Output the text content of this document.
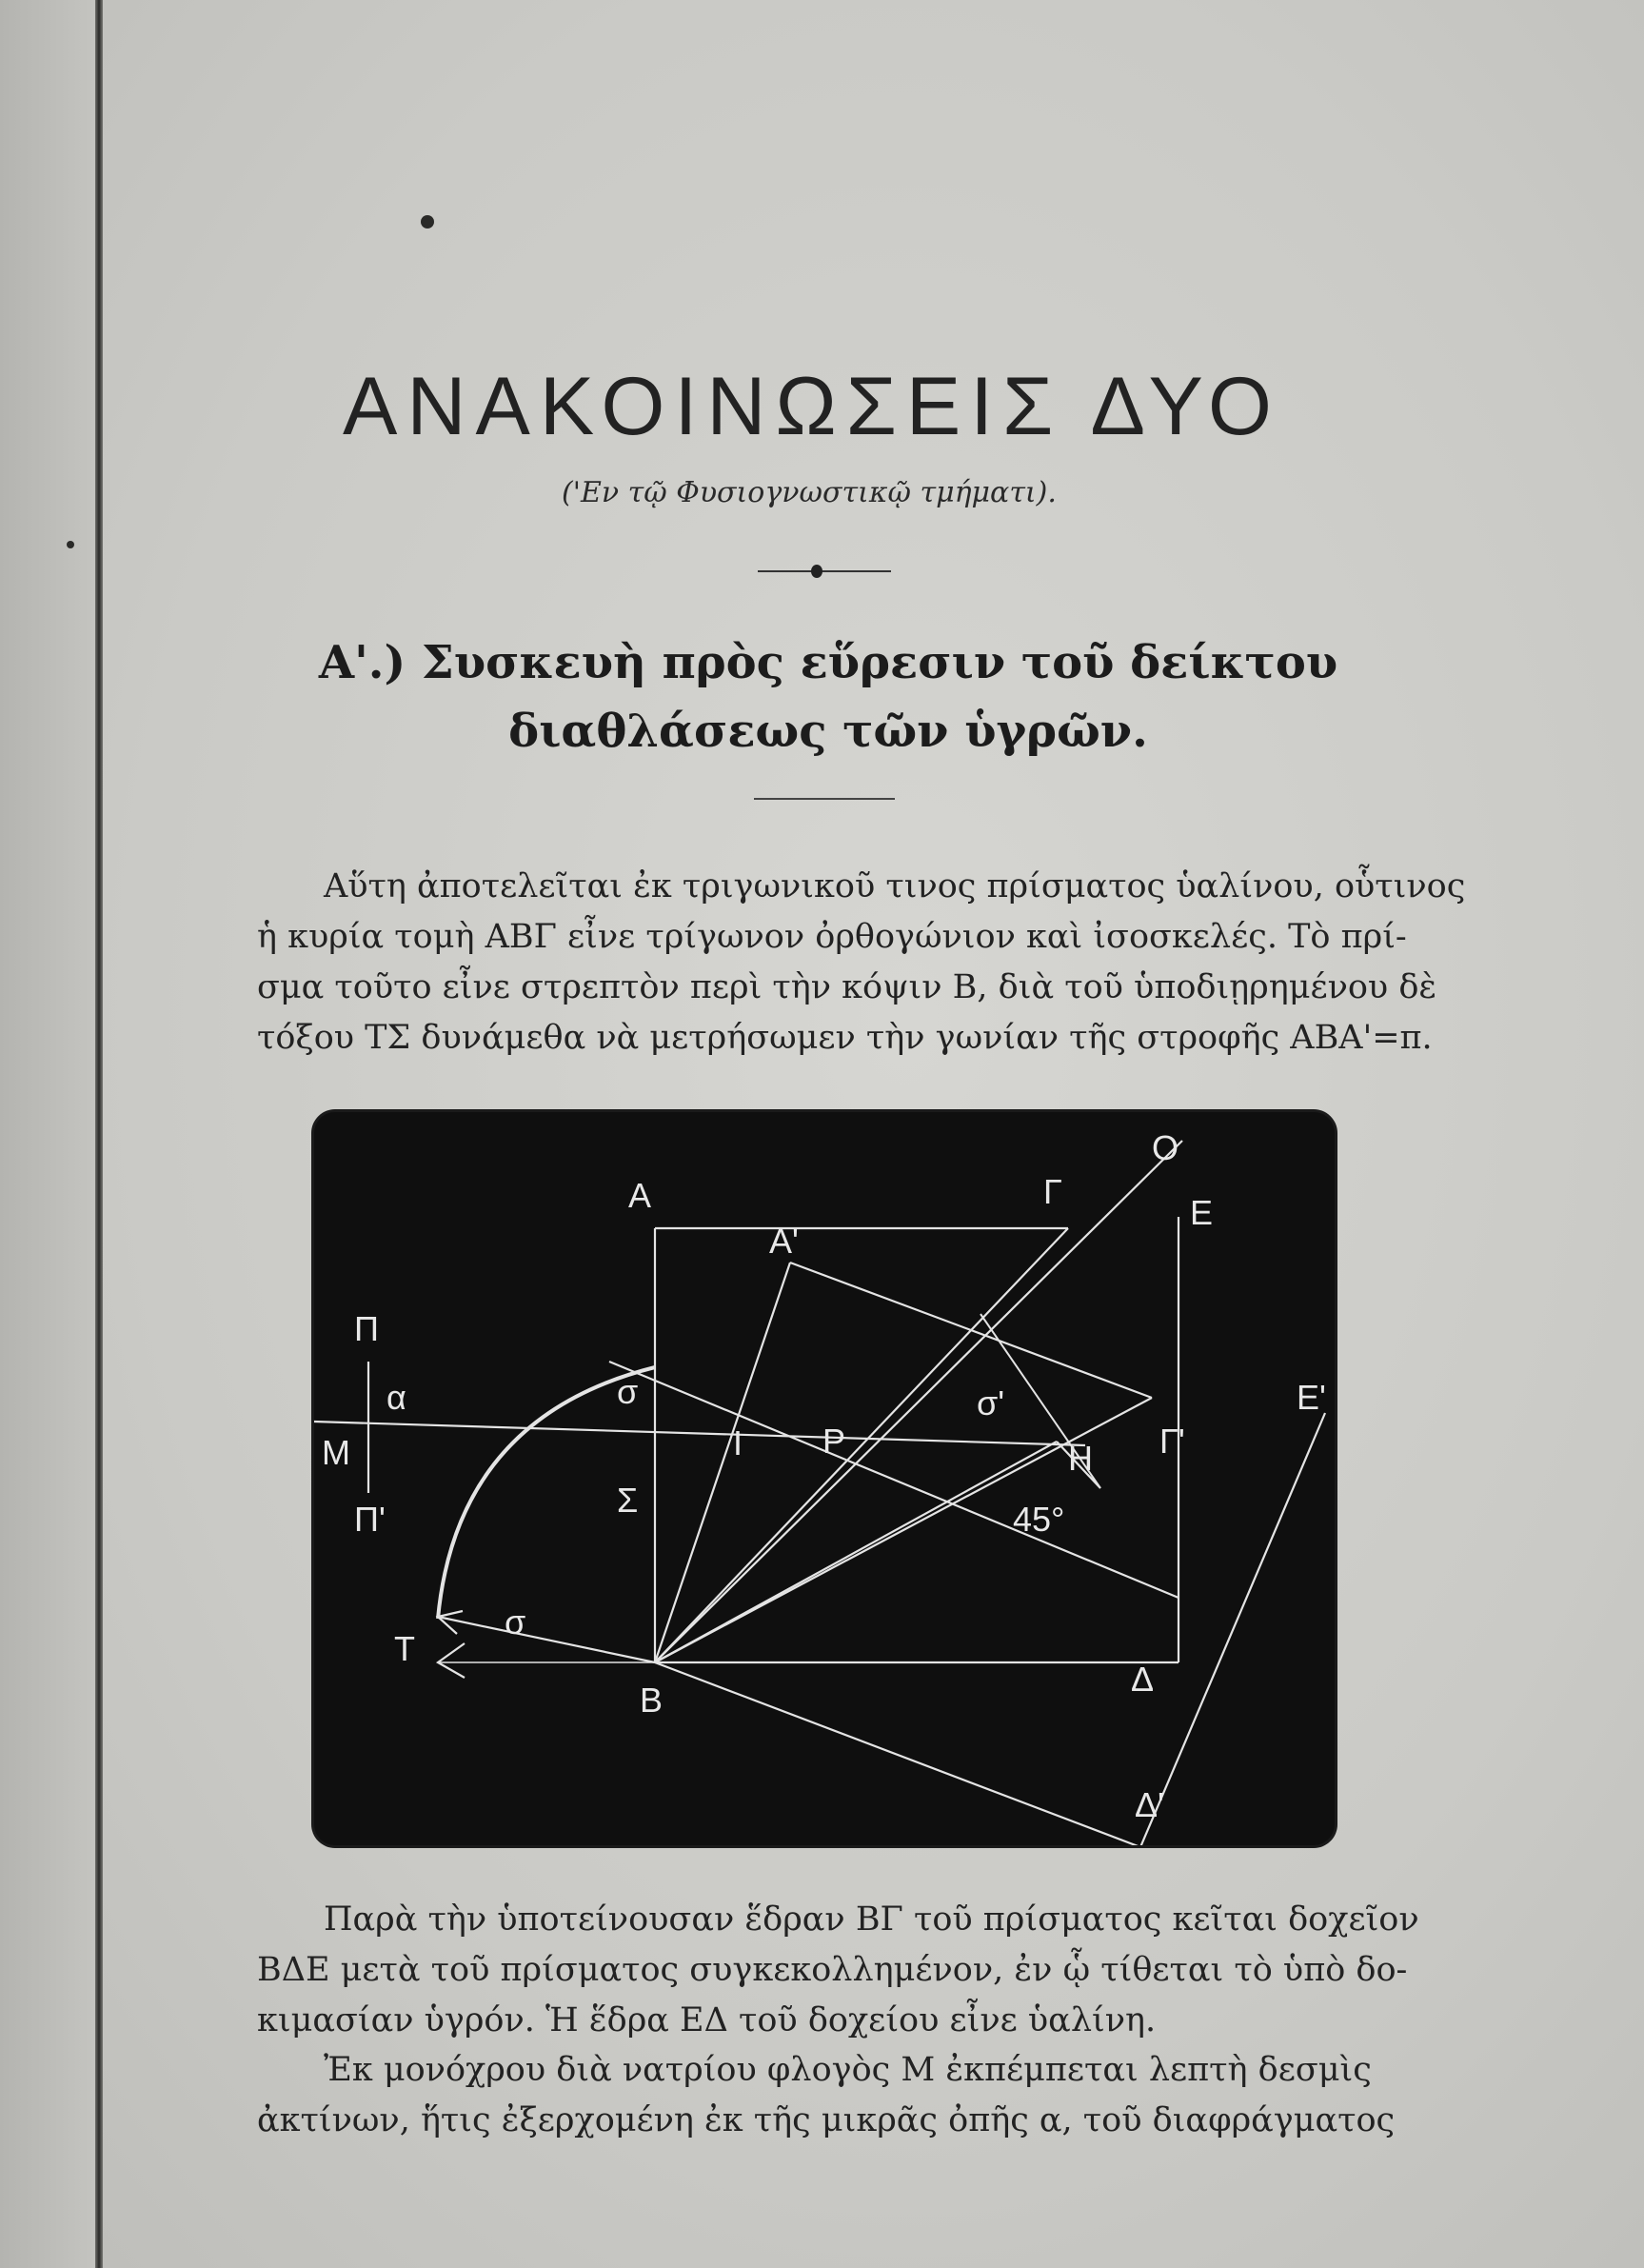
ΑΝΑΚΟΙΝΩΣΕΙΣ ΔΥΟ
('Εν τῷ Φυσιογνωστικῷ τμήματι).
Α'.) Συσκευὴ πρὸς εὕρεσιν τοῦ δείκτου
διαθλάσεως τῶν ὑγρῶν.
Αὕτη ἀποτελεῖται ἐκ τριγωνικοῦ τινος πρίσματος ὑαλίνου, οὗτινος
ἡ κυρία τομὴ ΑΒΓ εἶνε τρίγωνον ὀρθογώνιον καὶ ἰσοσκελές. Τὸ πρί-
σμα τοῦτο εἶνε στρεπτὸν περὶ τὴν κόψιν Β, διὰ τοῦ ὑποδιῃρημένου δὲ
τόξου ΤΣ δυνάμεθα νὰ μετρήσωμεν τὴν γωνίαν τῆς στροφῆς ΑΒΑ'=π.
Α
Α'
Γ
Γ'
Ο
Ε
Ε'
Π
Π'
α
Μ
σ	σ'
Ι Ρ	Η
Σ	45°
Τ
σ
Β
Δ
Δ'
Παρὰ τὴν ὑποτείνουσαν ἕδραν ΒΓ τοῦ πρίσματος κεῖται δοχεῖον
ΒΔΕ μετὰ τοῦ πρίσματος συγκεκολλημένον, ἐν ᾧ τίθεται τὸ ὑπὸ δο-
κιμασίαν ὑγρόν. Ἡ ἕδρα ΕΔ τοῦ δοχείου εἶνε ὑαλίνη.
Ἐκ μονόχρου διὰ νατρίου φλογὸς Μ ἐκπέμπεται λεπτὴ δεσμὶς
ἀκτίνων, ἥτις ἐξερχομένη ἐκ τῆς μικρᾶς ὀπῆς α, τοῦ διαφράγματος
